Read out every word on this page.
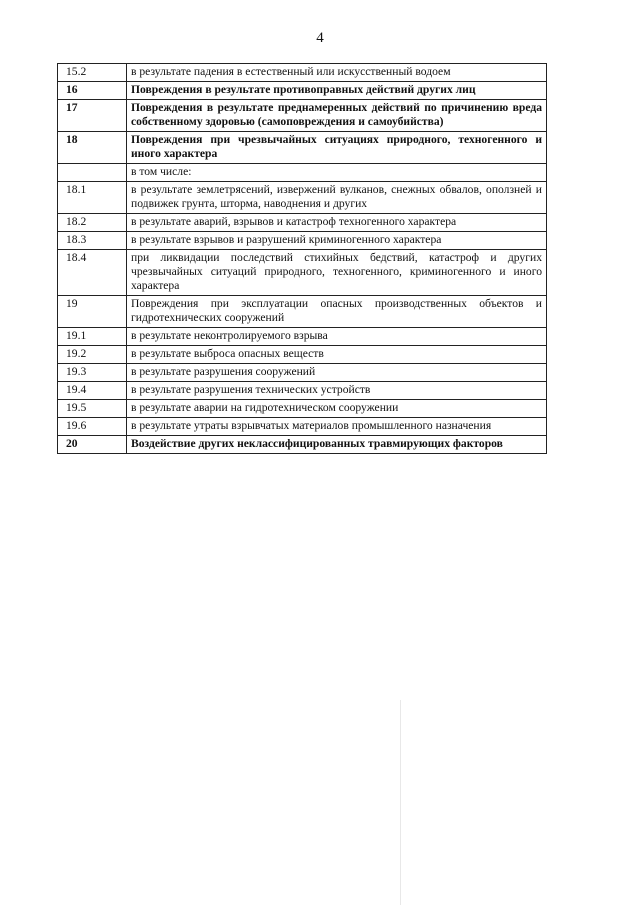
4
15.2	в результате падения в естественный или искусственный водоем
16	Повреждения в результате противоправных действий других лиц
17	Повреждения в результате преднамеренных действий по причинению вреда собственному здоровью (самоповреждения и самоубийства)
18	Повреждения при чрезвычайных ситуациях природного, техногенного и иного характера
	в том числе:
18.1	в результате землетрясений, извержений вулканов, снежных обвалов, оползней и подвижек грунта, шторма, наводнения и других
18.2	в результате аварий, взрывов и катастроф техногенного характера
18.3	в результате взрывов и разрушений криминогенного характера
18.4	при ликвидации последствий стихийных бедствий, катастроф и других чрезвычайных ситуаций природного, техногенного, криминогенного и иного характера
19	Повреждения при эксплуатации опасных производственных объектов и гидротехнических сооружений
19.1	в результате неконтролируемого взрыва
19.2	в результате выброса опасных веществ
19.3	в результате разрушения сооружений
19.4	в результате разрушения технических устройств
19.5	в результате аварии на гидротехническом сооружении
19.6	в результате утраты взрывчатых материалов промышленного назначения
20	Воздействие других неклассифицированных травмирующих факторов
